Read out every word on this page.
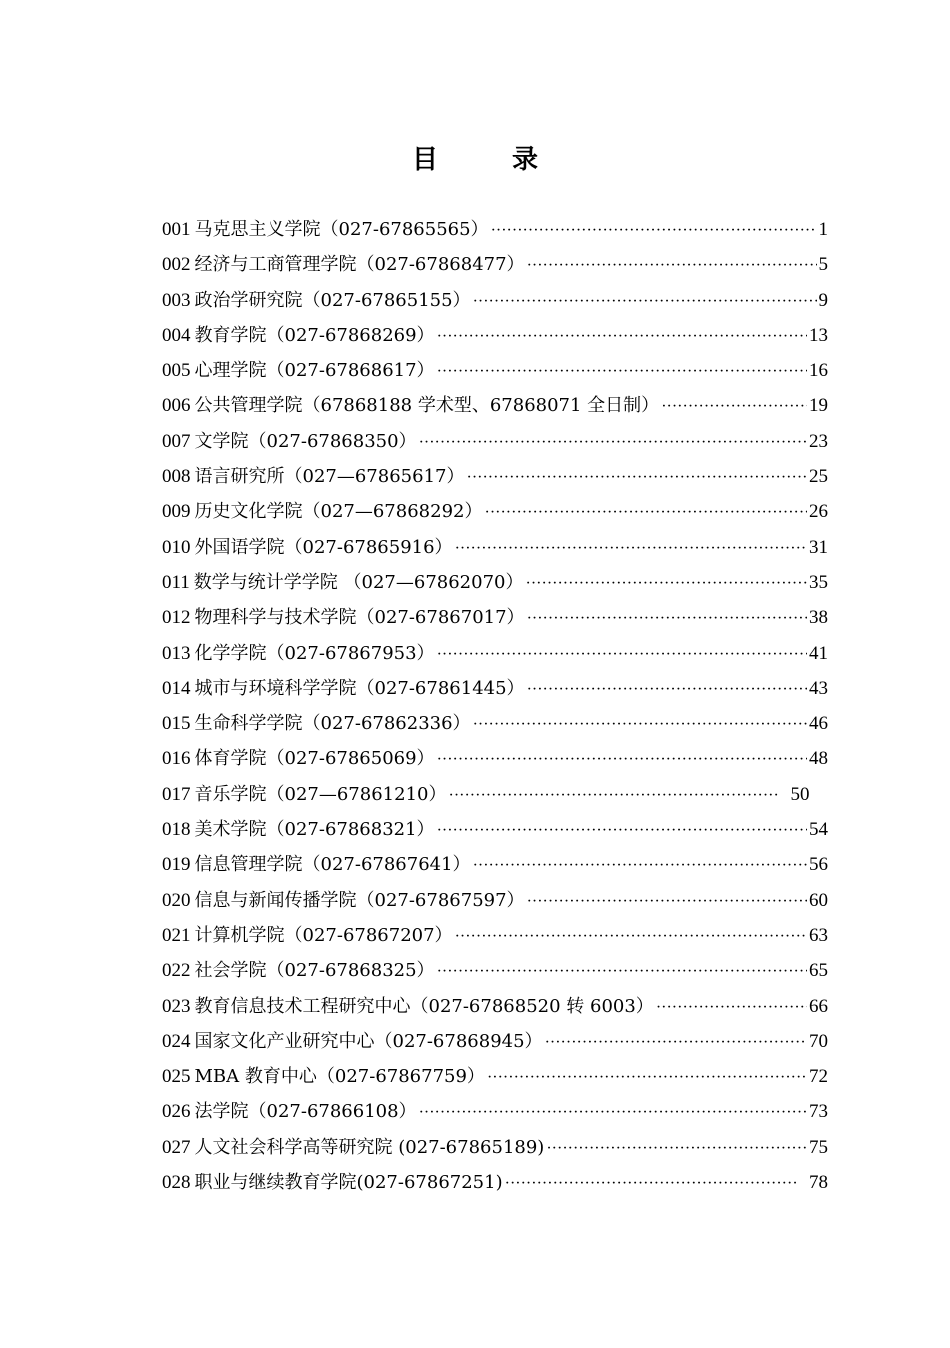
目　录
001 马克思主义学院（027-67865565） ·····	1
002 经济与工商管理学院（027-67868477） ·····	5
003 政治学研究院（027-67865155） ·····	9
004 教育学院（027-67868269） ·····	13
005 心理学院（027-67868617） ·····	16
006 公共管理学院（67868188 学术型、67868071 全日制） ·····	19
007 文学院（027-67868350） ·····	23
008 语言研究所（027—67865617） ·····	25
009 历史文化学院（027—67868292） ·····	26
010 外国语学院（027-67865916） ·····	31
011 数学与统计学学院 （027—67862070） ·····	35
012 物理科学与技术学院（027-67867017） ·····	38
013 化学学院（027-67867953） ·····	41
014 城市与环境科学学院（027-67861445） ·····	43
015 生命科学学院（027-67862336） ·····	46
016 体育学院（027-67865069） ·····	48
017 音乐学院（027—67861210） ·····	50
018 美术学院（027-67868321） ·····	54
019 信息管理学院（027-67867641） ·····	56
020 信息与新闻传播学院（027-67867597） ·····	60
021 计算机学院（027-67867207） ·····	63
022 社会学院（027-67868325） ·····	65
023 教育信息技术工程研究中心（027-67868520 转 6003） ·····	66
024 国家文化产业研究中心（027-67868945） ·····	70
025 MBA 教育中心（027-67867759） ·····	72
026 法学院（027-67866108） ·····	73
027 人文社会科学高等研究院 (027-67865189) ·····	75
028 职业与继续教育学院(027-67867251) ·····	78
